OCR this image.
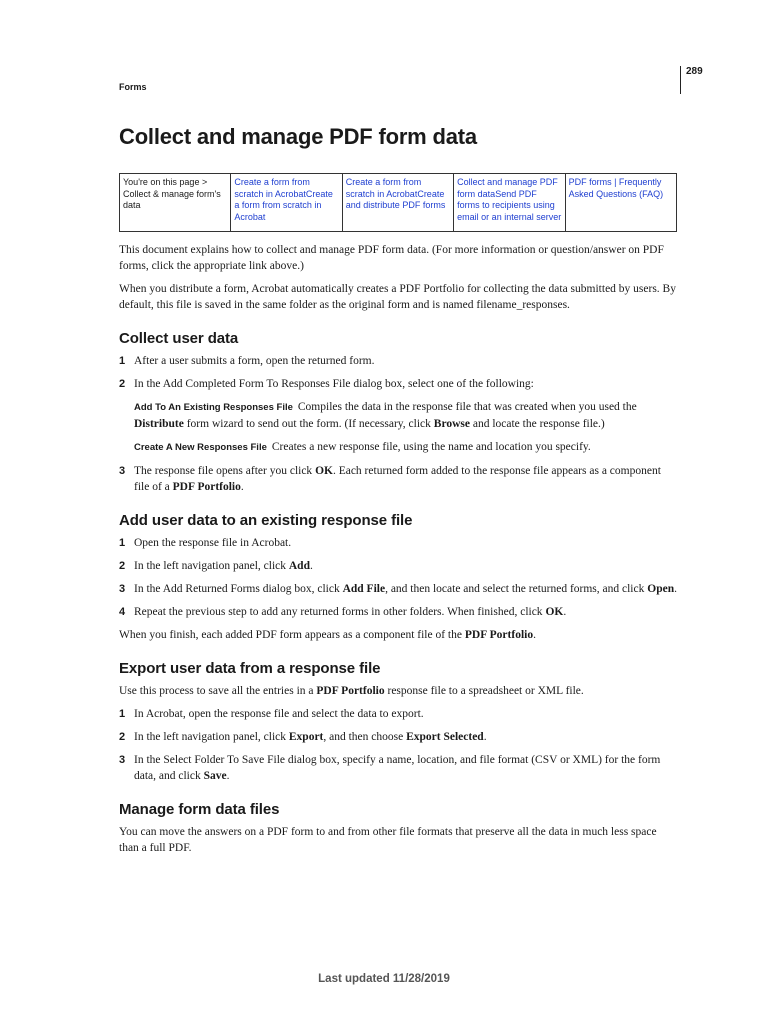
289
Forms
Collect and manage PDF form data
You're on this page > Collect & manage form's data	Create a form from scratch in AcrobatCreate a form from scratch in Acrobat	Create a form from scratch in AcrobatCreate and distribute PDF forms	Collect and manage PDF form dataSend PDF forms to recipients using email or an internal server	PDF forms | Frequently Asked Questions (FAQ)

This document explains how to collect and manage PDF form data. (For more information or question/answer on PDF forms, click the appropriate link above.)

When you distribute a form, Acrobat automatically creates a PDF Portfolio for collecting the data submitted by users. By default, this file is saved in the same folder as the original form and is named filename_responses.

Collect user data
1 After a user submits a form, open the returned form.
2 In the Add Completed Form To Responses File dialog box, select one of the following:
Add To An Existing Responses File Compiles the data in the response file that was created when you used the Distribute form wizard to send out the form. (If necessary, click Browse and locate the response file.)
Create A New Responses File Creates a new response file, using the name and location you specify.
3 The response file opens after you click OK. Each returned form added to the response file appears as a component file of a PDF Portfolio.
Add user data to an existing response file
1 Open the response file in Acrobat.
2 In the left navigation panel, click Add.
3 In the Add Returned Forms dialog box, click Add File, and then locate and select the returned forms, and click Open.
4 Repeat the previous step to add any returned forms in other folders. When finished, click OK.

When you finish, each added PDF form appears as a component file of the PDF Portfolio.

Export user data from a response file

Use this process to save all the entries in a PDF Portfolio response file to a spreadsheet or XML file.

1 In Acrobat, open the response file and select the data to export.
2 In the left navigation panel, click Export, and then choose Export Selected.
3 In the Select Folder To Save File dialog box, specify a name, location, and file format (CSV or XML) for the form data, and click Save.
Manage form data files

You can move the answers on a PDF form to and from other file formats that preserve all the data in much less space than a full PDF.

Last updated 11/28/2019
